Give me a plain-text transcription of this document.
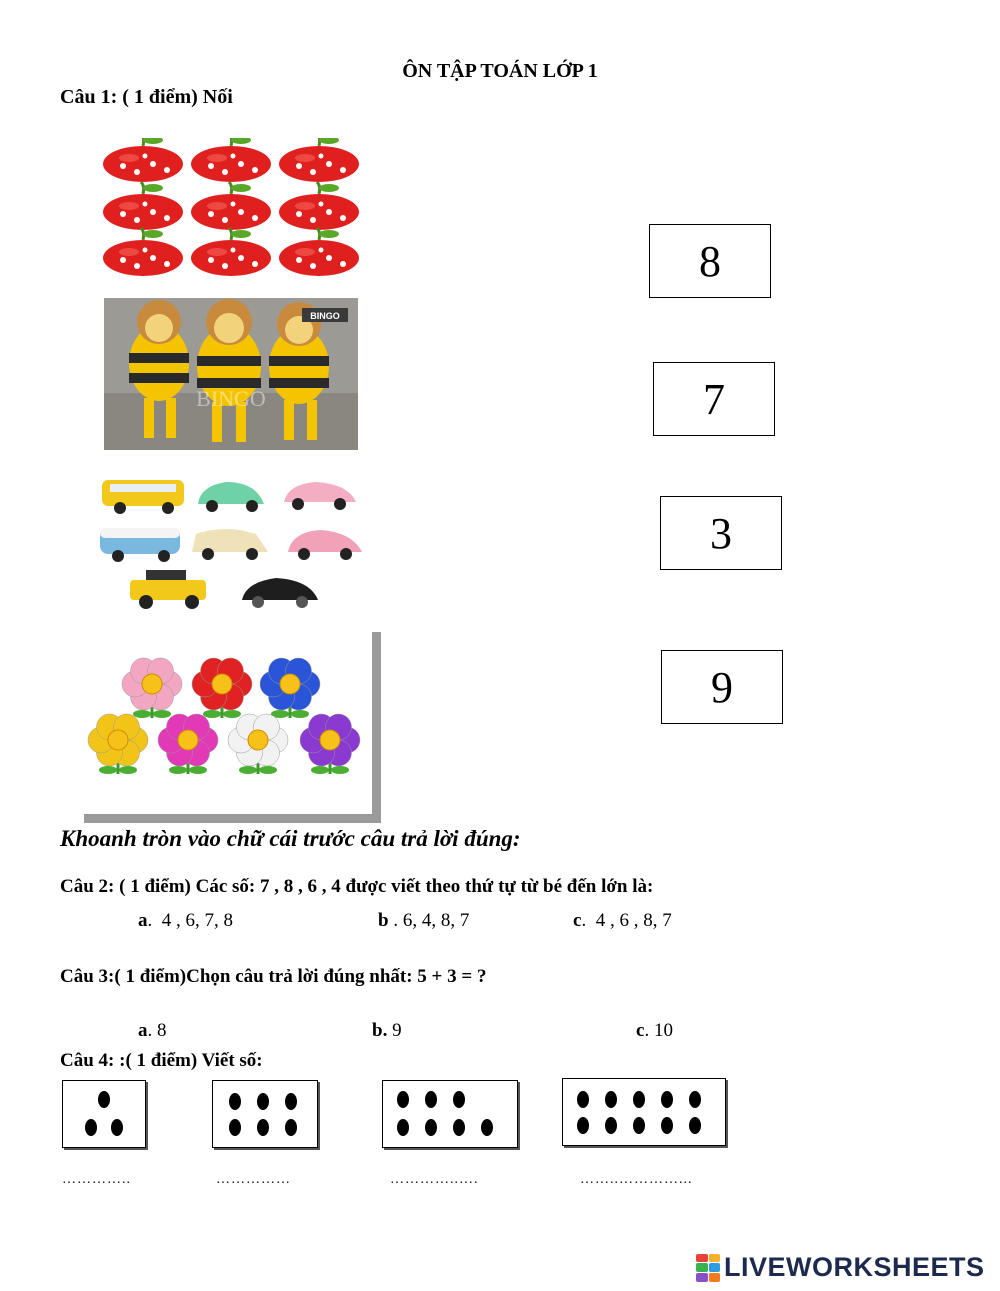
ÔN TẬP TOÁN LỚP 1
Câu 1: ( 1 điểm) Nối
BINGO
BINGO
8
7
3
9
Khoanh tròn vào chữ cái trước câu trả lời đúng:
Câu 2: ( 1 điểm) Các số: 7 , 8 , 6 , 4 được viết theo thứ tự từ bé đến lớn là:
a.  4 , 6, 7, 8	b . 6, 4, 8, 7	c.  4 , 6 , 8, 7
Câu 3:( 1 điểm)Chọn câu trả lời đúng nhất: 5 + 3 = ?
a. 8	b. 9	c. 10
Câu 4: :( 1 điểm) Viết số:
…………..	……………	…………..….	……..…………...
LIVEWORKSHEETS
